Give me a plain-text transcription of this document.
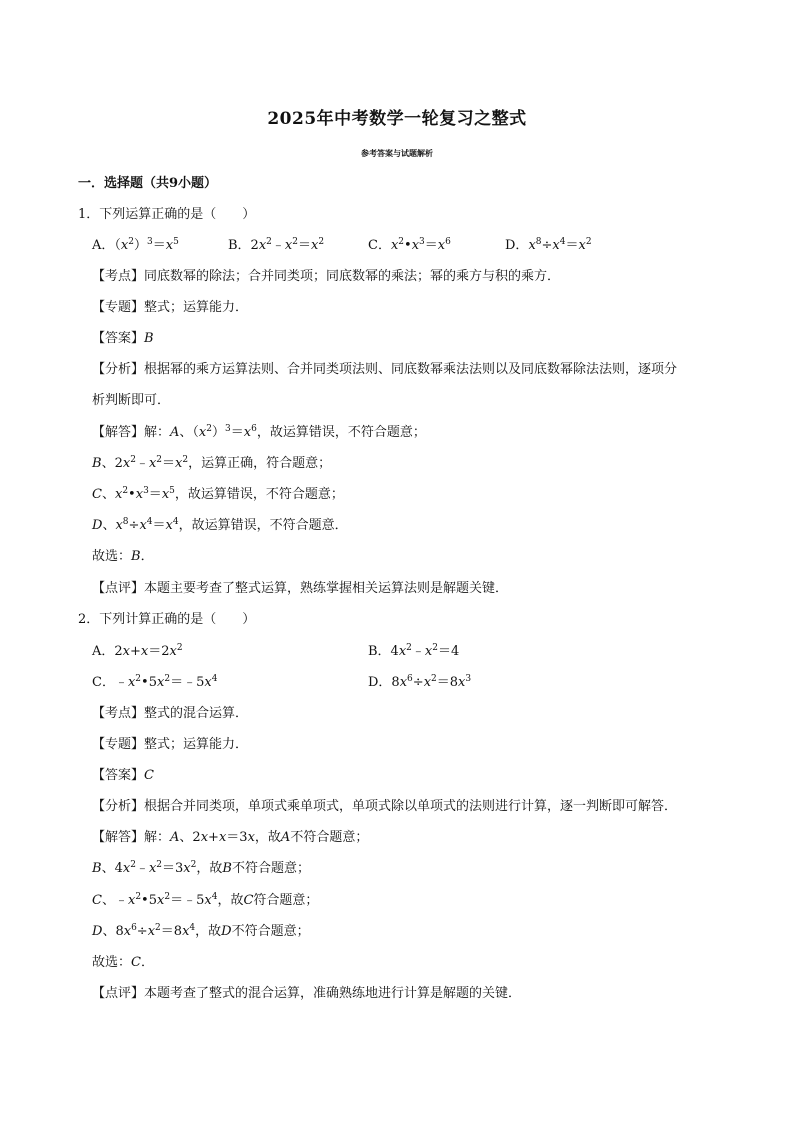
2025年中考数学一轮复习之整式
参考答案与试题解析
一．选择题（共9小题）
1．下列运算正确的是（　　）
A．$(x^2)^3=x^5$	B．$2x^2﹣x^2=x^2$	C．$x^2•x^3=x^6$	D．$x^8\div x^4=x^2$
【考点】同底数幂的除法；合并同类项；同底数幂的乘法；幂的乘方与积的乘方．
【专题】整式；运算能力．
【答案】B
【分析】根据幂的乘方运算法则、合并同类项法则、同底数幂乘法法则以及同底数幂除法法则，逐项分
析判断即可．
【解答】解：A、$(x^2)^3=x^6$，故运算错误，不符合题意；
B、$2x^2﹣x^2=x^2$，运算正确，符合题意；
C、$x^2•x^3=x^5$，故运算错误，不符合题意；
D、$x^8\div x^4=x^4$，故运算错误，不符合题意．
故选：B．
【点评】本题主要考查了整式运算，熟练掌握相关运算法则是解题关键．
2．下列计算正确的是（　　）
A．$2x+x=2x^2$	B．$4x^2﹣x^2=4$
C．$﹣x^2•5x^2=﹣5x^4$	D．$8x^6\div x^2=8x^3$
【考点】整式的混合运算．
【专题】整式；运算能力．
【答案】C
【分析】根据合并同类项，单项式乘单项式，单项式除以单项式的法则进行计算，逐一判断即可解答．
【解答】解：A、2x+x＝3x，故A不符合题意；
B、$4x^2﹣x^2=3x^2$，故B不符合题意；
C、$﹣x^2•5x^2=﹣5x^4$，故C符合题意；
D、$8x^6\div x^2=8x^4$，故D不符合题意；
故选：C．
【点评】本题考查了整式的混合运算，准确熟练地进行计算是解题的关键．
